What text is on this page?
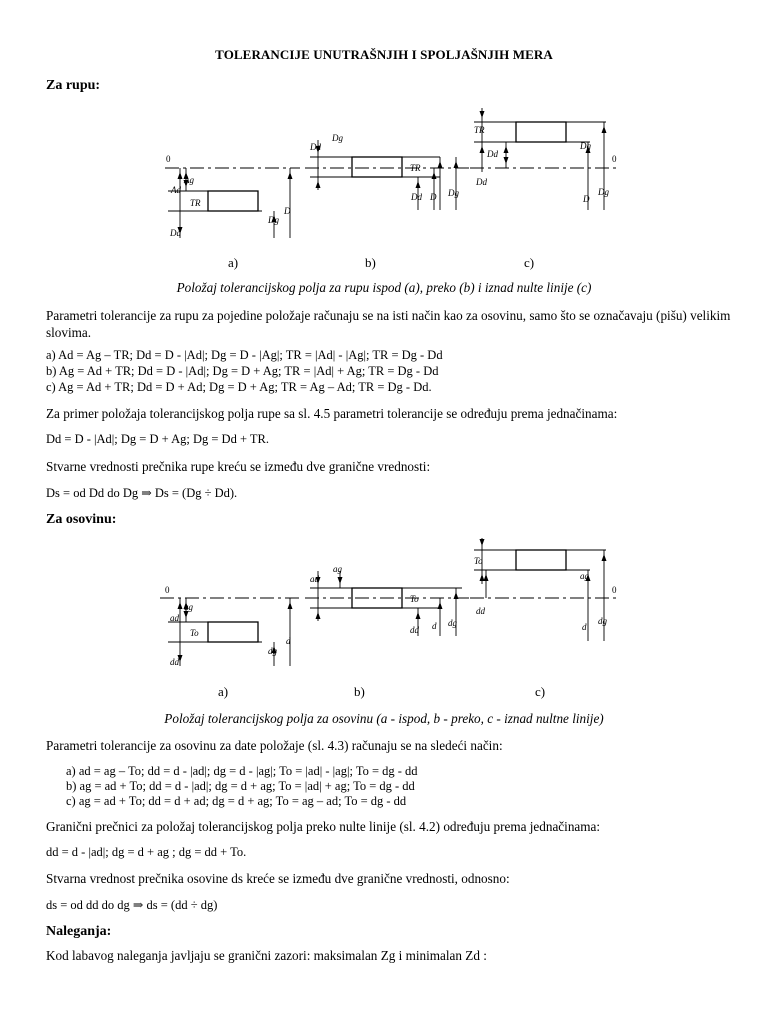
TOLERANCIJE UNUTRAŠNJIH I SPOLJAŠNJIH MERA
Za rupu:
0
Ag
Ad
TR
Dd
Dg
D
Dg
Dd
TR
Dd D Dg
TR
Dd
Dd
Dg
0
Dg
D
a)	b)	c)
Položaj tolerancijskog polja za rupu ispod (a), preko (b) i iznad nulte linije (c)
Parametri tolerancije za rupu za pojedine položaje računaju se na isti način kao za osovinu, samo što se označavaju (pišu) velikim slovima.
a) Ad = Ag – TR; Dd = D - |Ad|; Dg = D - |Ag|; TR = |Ad| - |Ag|; TR = Dg - Dd
b) Ag = Ad + TR; Dd = D - |Ad|; Dg = D + Ag; TR = |Ad| + Ag; TR = Dg - Dd
c) Ag = Ad + TR; Dd = D + Ad; Dg = D + Ag; TR = Ag – Ad; TR = Dg - Dd.
Za primer položaja tolerancijskog polja rupe sa sl. 4.5 parametri tolerancije se određuju prema jednačinama:
Dd = D - |Ad|; Dg = D + Ag; Dg = Dd + TR.
Stvarne vrednosti prečnika rupe kreću se između dve granične vrednosti:
Ds = od Dd do Dg ⇒ Ds = (Dg ÷ Dd).
Za osovinu:
0
ag
ad
To
dd
dg
d
ag
ad
To
dd d dg
To
dd
ag
0
dg
d
a)	b)	c)
Položaj tolerancijskog polja za osovinu (a - ispod, b - preko, c - iznad nultne linije)
Parametri tolerancije za osovinu za date položaje (sl. 4.3) računaju se na sledeći način:
a) ad = ag – To; dd = d - |ad|; dg = d - |ag|; To = |ad| - |ag|; To = dg - dd
b) ag = ad + To; dd = d - |ad|; dg = d + ag; To = |ad| + ag; To = dg - dd
c) ag = ad + To; dd = d + ad; dg = d + ag; To = ag – ad; To = dg - dd
Granični prečnici za položaj tolerancijskog polja preko nulte linije (sl. 4.2) određuju prema jednačinama:
dd = d - |ad|; dg = d + ag ; dg = dd + To.
Stvarna vrednost prečnika osovine ds kreće se između dve granične vrednosti, odnosno:
ds = od dd do dg ⇒ ds = (dd ÷ dg)
Naleganja:
Kod labavog naleganja javljaju se granični zazori: maksimalan Zg i minimalan Zd :
